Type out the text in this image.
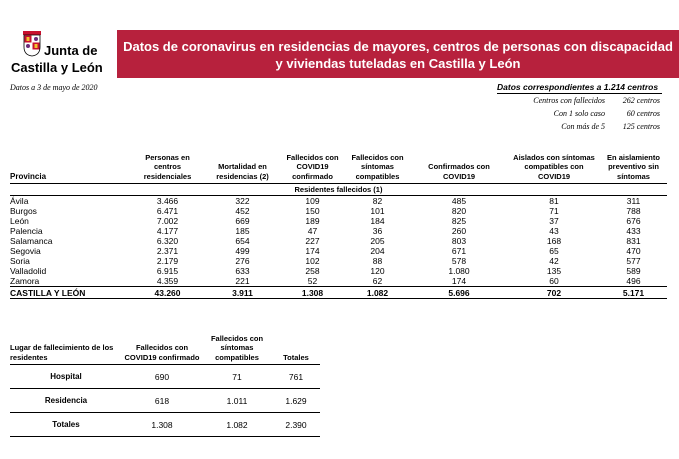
Junta de
Castilla y León
Datos de coronavirus en residencias de mayores, centros de personas con discapacidad y viviendas tuteladas en Castilla y León
Datos a 3 de mayo de 2020	Datos correspondientes a 1.214 centros
Centros con fallecidos	262 centros
Con 1 solo caso	60 centros
Con más de 5	125 centros
Provincia	Personas en centros residenciales	Mortalidad en residencias (2)	Fallecidos con COVID19 confirmado	Fallecidos con síntomas compatibles	Confirmados con COVID19	Aislados con síntomas compatibles con COVID19	En aislamiento preventivo sin síntomas
Residentes fallecidos (1)							
Ávila	3.466	322	109	82	485	81	311
Burgos	6.471	452	150	101	820	71	788
León	7.002	669	189	184	825	37	676
Palencia	4.177	185	47	36	260	43	433
Salamanca	6.320	654	227	205	803	168	831
Segovia	2.371	499	174	204	671	65	470
Soria	2.179	276	102	88	578	42	577
Valladolid	6.915	633	258	120	1.080	135	589
Zamora	4.359	221	52	62	174	60	496
CASTILLA Y LEÓN	43.260	3.911	1.308	1.082	5.696	702	5.171
Lugar de fallecimiento de los residentes	Fallecidos con COVID19 confirmado	Fallecidos con síntomas compatibles	Totales
Hospital	690	71	761
Residencia	618	1.011	1.629
Totales	1.308	1.082	2.390
